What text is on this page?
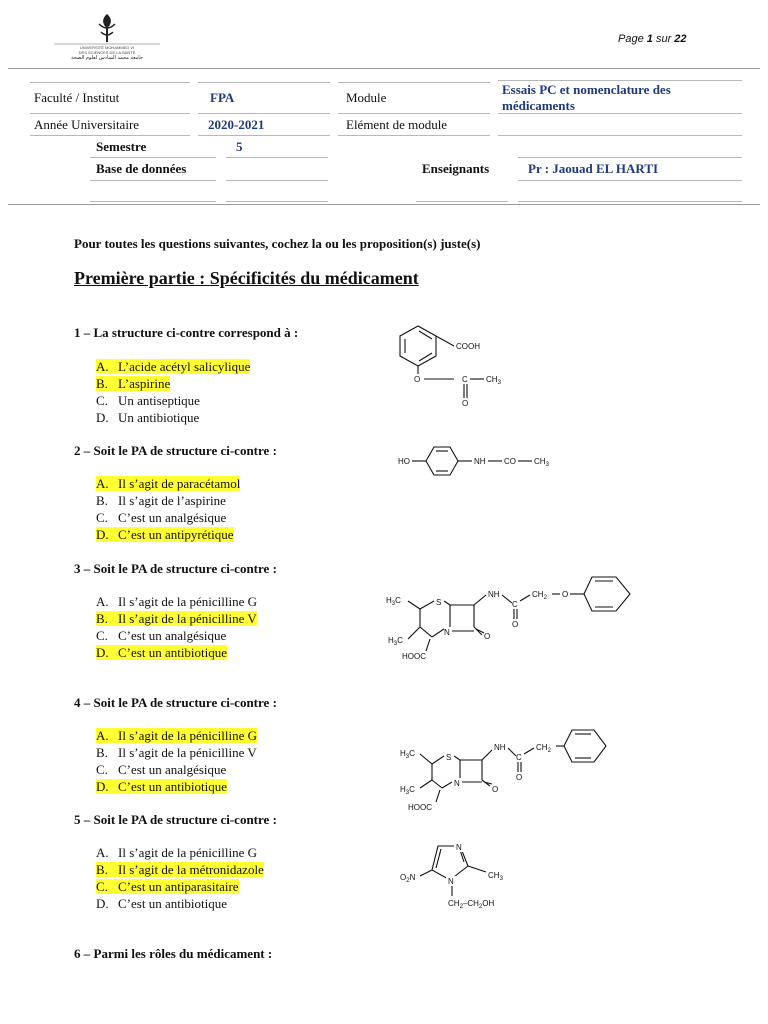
UNIVERSITÉ MOHAMMED VI
DES SCIENCES DE LA SANTÉ
جامعة محمد السادس لعلوم الصحة
Page 1 sur 22
Faculté / Institut	FPA	Module
Essais PC et nomenclature des
médicaments
Année Universitaire	2020-2021	Elément de module
Semestre	5
Base de données	Enseignants	Pr : Jaouad EL HARTI
Pour toutes les questions suivantes, cochez la ou les proposition(s) juste(s)
Première partie : Spécificités du médicament
1 – La structure ci-contre correspond à :
A. L’acide acétyl salicylique
B. L’aspirine
C. Un antiseptique
D. Un antibiotique
COOH
O	C $CH_3$
O
2 – Soit le PA de structure ci-contre :
A. Il s’agit de paracétamol
B. Il s’agit de l’aspirine
C. C’est un analgésique
D. C’est un antipyrétique
HO	NH CO $CH_3$
3 – Soit le PA de structure ci-contre :
A. Il s’agit de la pénicilline G
B. Il s’agit de la pénicilline V
C. C’est un analgésique
D. C’est un antibiotique
$H_3C$
$H_3C$
S
N	O
NH
C
O
$CH_2$ O
HOOC
4 – Soit le PA de structure ci-contre :
A. Il s’agit de la pénicilline G
B. Il s’agit de la pénicilline V
C. C’est un analgésique
D. C’est un antibiotique
$H_3C$
$H_3C$
S
N
O
NH
C
O
$CH_2$
HOOC
5 – Soit le PA de structure ci-contre :
A. Il s’agit de la pénicilline G
B. Il s’agit de la métronidazole
C. C’est un antiparasitaire
D. C’est un antibiotique
$O_2N$
N
N
$CH_3$
$CH_2-CH_2OH$
6 – Parmi les rôles du médicament :
